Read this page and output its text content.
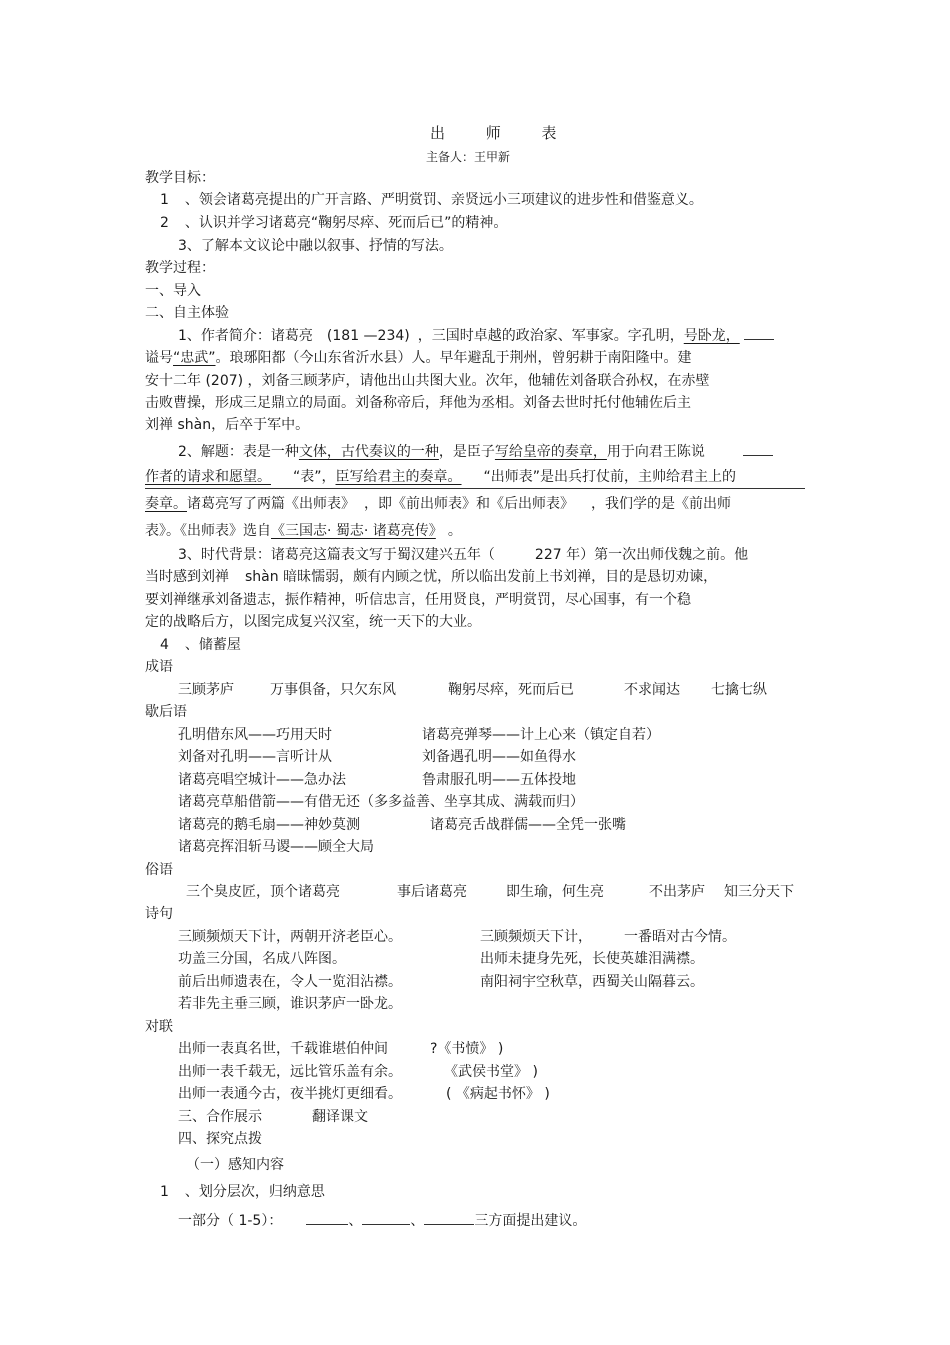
出 师 表
主备人：王甲新
教学目标：
1 、领会诸葛亮提出的广开言路、严明赏罚、亲贤远小三项建议的进步性和借鉴意义。
2 、认识并学习诸葛亮“鞠躬尽瘁、死而后已”的精神。
3、了解本文议论中融以叙事、抒情的写法。
教学过程：
一、导入
二、自主体验
1、作者简介：诸葛亮 (181 —234) ，三国时卓越的政治家、军事家。字孔明，号卧龙，
谥号“忠武”。琅琊阳都（今山东省沂水县）人。早年避乱于荆州，曾躬耕于南阳隆中。建
安十二年 (207) ，刘备三顾茅庐，请他出山共图大业。次年，他辅佐刘备联合孙权，在赤壁
击败曹操，形成三足鼎立的局面。刘备称帝后，拜他为丞相。刘备去世时托付他辅佐后主
刘禅 shàn，后卒于军中。
2、解题：表是一种文体，古代奏议的一种，是臣子写给皇帝的奏章，用于向君王陈说
作者的请求和愿望。 “表”，臣写给君主的奏章。 “出师表”是出兵打仗前，主帅给君主上的
奏章。诸葛亮写了两篇《出师表》 ，即《前出师表》和《后出师表》 ，我们学的是《前出师
表》。《出师表》选自《三国志· 蜀志· 诸葛亮传》 。
3、时代背景：诸葛亮这篇表文写于蜀汉建兴五年（	227 年）第一次出师伐魏之前。他
当时感到刘禅 shàn 暗昧懦弱，颇有内顾之忧，所以临出发前上书刘禅，目的是恳切劝谏，
要刘禅继承刘备遗志，振作精神，听信忠言，任用贤良，严明赏罚，尽心国事，有一个稳
定的战略后方，以图完成复兴汉室，统一天下的大业。
4 、储蓄屋
成语
三顾茅庐	万事俱备，只欠东风	鞠躬尽瘁，死而后已	不求闻达 七擒七纵
歇后语
孔明借东风——巧用天时	诸葛亮弹琴——计上心来（镇定自若）
刘备对孔明——言听计从	刘备遇孔明——如鱼得水
诸葛亮唱空城计——急办法	鲁肃服孔明——五体投地
诸葛亮草船借箭——有借无还（多多益善、坐享其成、满载而归）
诸葛亮的鹅毛扇——神妙莫测	诸葛亮舌战群儒——全凭一张嘴
诸葛亮挥泪斩马谡——顾全大局
俗语
三个臭皮匠，顶个诸葛亮	事后诸葛亮	即生瑜，何生亮	不出茅庐 知三分天下
诗句
三顾频烦天下计，两朝开济老臣心。	三顾频烦天下计， 一番晤对古今情。
功盖三分国，名成八阵图。	出师未捷身先死，长使英雄泪满襟。
前后出师遗表在，令人一览泪沾襟。	南阳祠宇空秋草，西蜀关山隔暮云。
若非先主垂三顾，谁识茅庐一卧龙。
对联
出师一表真名世，千载谁堪伯仲间	?《书愤》 )
出师一表千载无，远比管乐盖有余。	《武侯书堂》 )
出师一表通今古，夜半挑灯更细看。	( 《病起书怀》 )
三、合作展示	翻译课文
四、探究点拨
（一）感知内容
1 、划分层次，归纳意思
一部分（ 1-5）：	、	、	三方面提出建议。
